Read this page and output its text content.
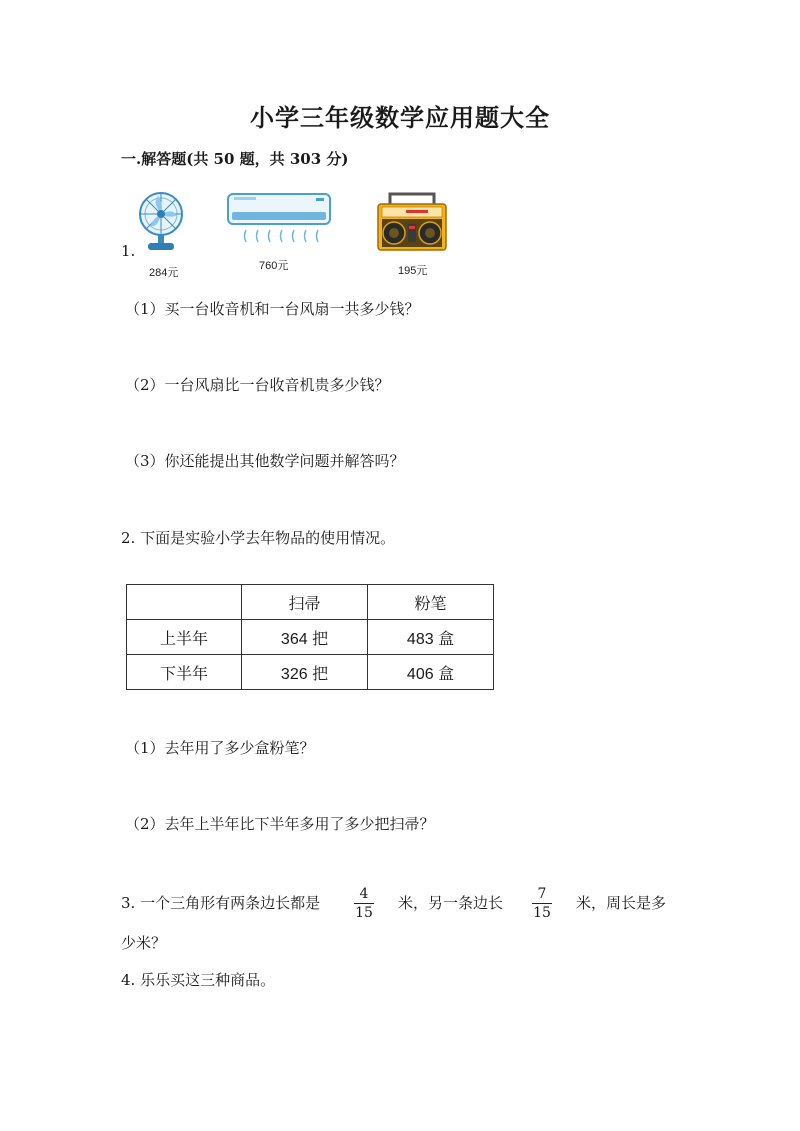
小学三年级数学应用题大全
一.解答题(共 50 题，共 303 分)
1.
284元
760元	195元
（1）买一台收音机和一台风扇一共多少钱？
（2）一台风扇比一台收音机贵多少钱？
（3）你还能提出其他数学问题并解答吗？
2. 下面是实验小学去年物品的使用情况。
	扫帚	粉笔
上半年	364 把	483 盒
下半年	326 把	406 盒
（1）去年用了多少盒粉笔？
（2）去年上半年比下半年多用了多少把扫帚？
3. 一个三角形有两条边长都是	4
15
米，另一条边长	7
15
米，周长是多
少米？
4. 乐乐买这三种商品。
